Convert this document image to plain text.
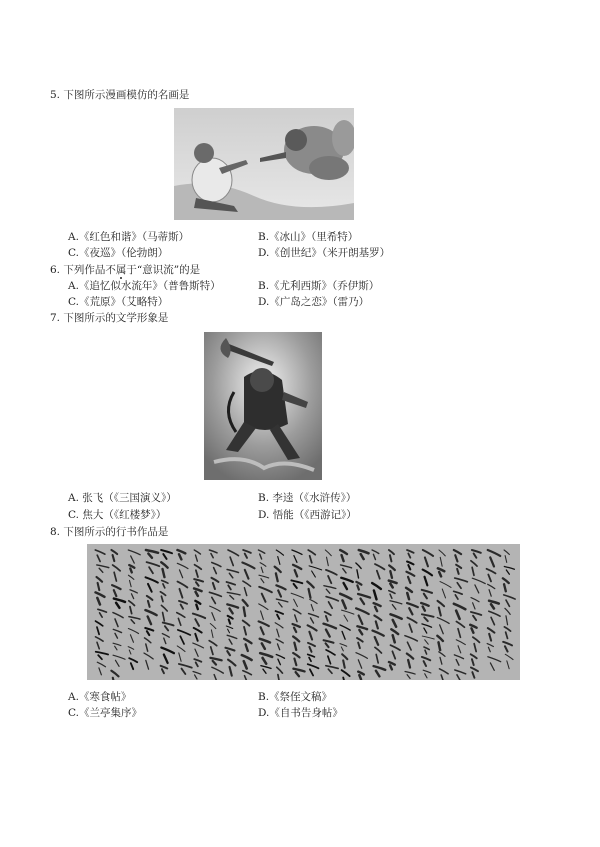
5. 下图所示漫画模仿的名画是
A.《红色和谐》（马蒂斯）	B.《冰山》（里希特）
C.《夜巡》（伦勃朗）	D.《创世纪》（米开朗基罗）
6. 下列作品不属于“意识流”的是
A.《追忆似水流年》（普鲁斯特）	B.《尤利西斯》（乔伊斯）
C.《荒原》（艾略特）	D.《广岛之恋》（雷乃）
7. 下图所示的文学形象是
A. 张飞（《三国演义》）	B. 李逵（《水浒传》）
C. 焦大（《红楼梦》）	D. 悟能（《西游记》）
8. 下图所示的行书作品是
A.《寒食帖》	B.《祭侄文稿》
C.《兰亭集序》	D.《自书告身帖》
